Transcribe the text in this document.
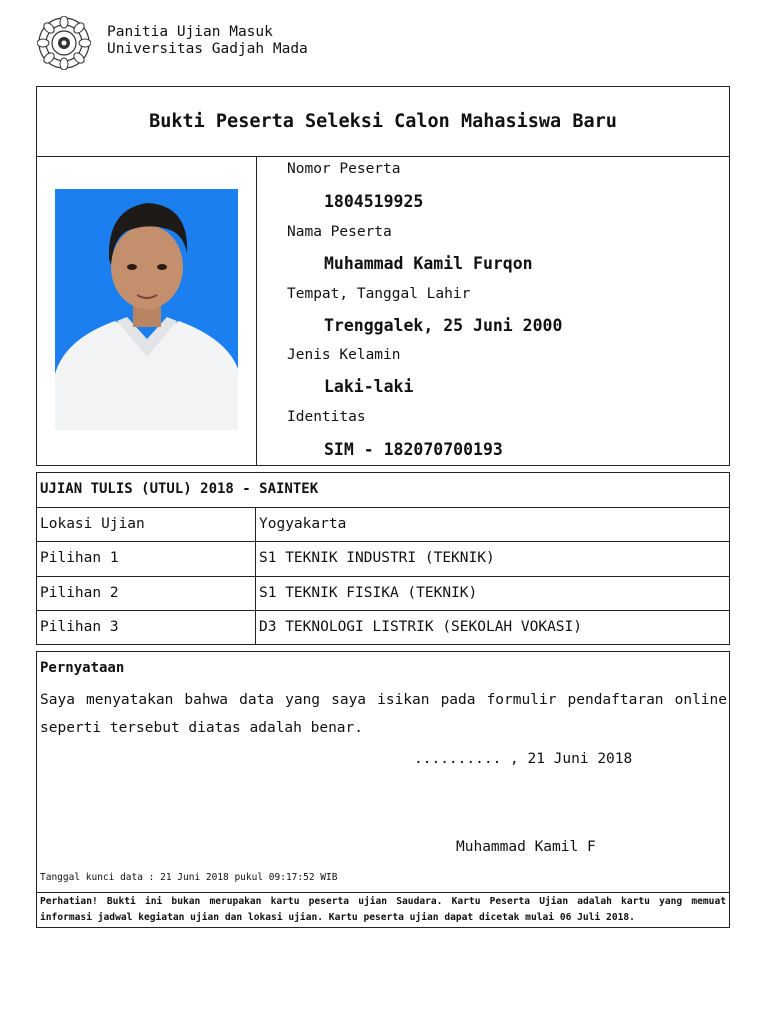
Panitia Ujian Masuk
Universitas Gadjah Mada
Bukti Peserta Seleksi Calon Mahasiswa Baru
Nomor Peserta
1804519925
Nama Peserta
Muhammad Kamil Furqon
Tempat, Tanggal Lahir
Trenggalek, 25 Juni 2000
Jenis Kelamin
Laki-laki
Identitas
SIM - 182070700193
UJIAN TULIS (UTUL) 2018 - SAINTEK
Lokasi Ujian	Yogyakarta
Pilihan 1	S1 TEKNIK INDUSTRI (TEKNIK)
Pilihan 2	S1 TEKNIK FISIKA (TEKNIK)
Pilihan 3	D3 TEKNOLOGI LISTRIK (SEKOLAH VOKASI)
Pernyataan
Saya menyatakan bahwa data yang saya isikan pada formulir pendaftaran online seperti tersebut diatas adalah benar.
.......... , 21 Juni 2018
Muhammad Kamil F
Tanggal kunci data : 21 Juni 2018 pukul 09:17:52 WIB
Perhatian! Bukti ini bukan merupakan kartu peserta ujian Saudara. Kartu Peserta Ujian adalah kartu yang memuat informasi jadwal kegiatan ujian dan lokasi ujian. Kartu peserta ujian dapat dicetak mulai 06 Juli 2018.
